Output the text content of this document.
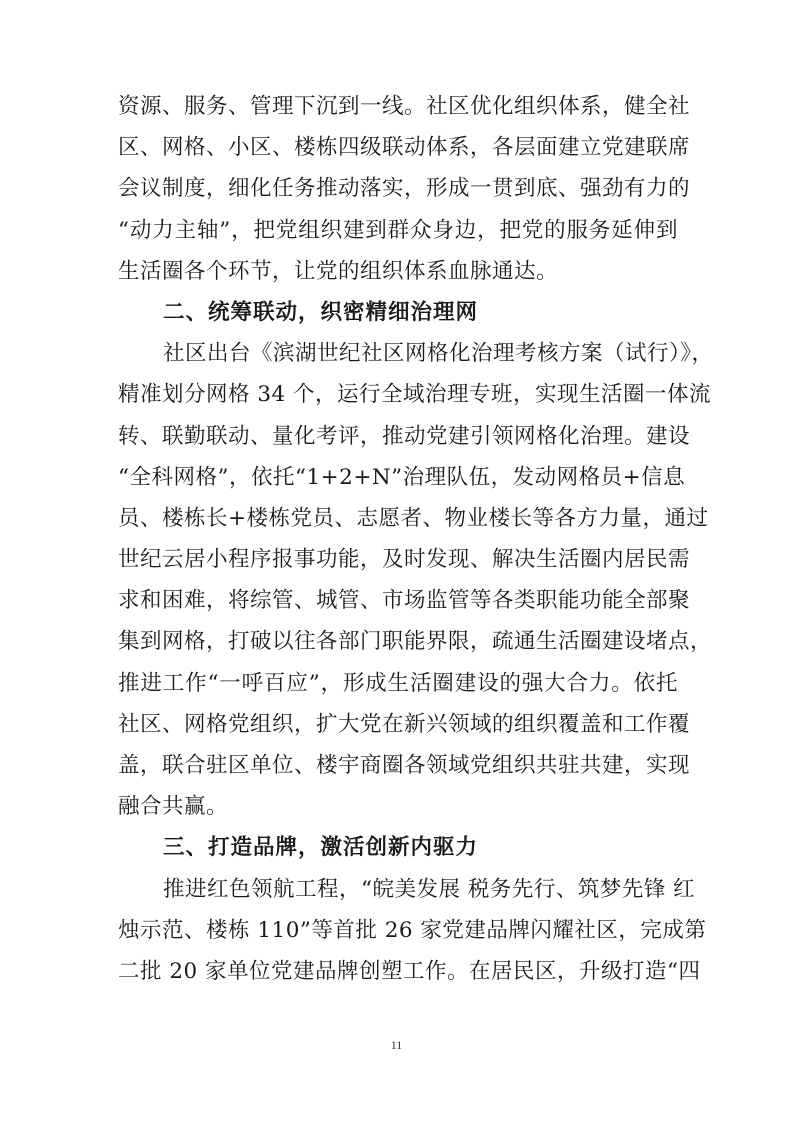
资源、服务、管理下沉到一线。社区优化组织体系，健全社
区、网格、小区、楼栋四级联动体系，各层面建立党建联席
会议制度，细化任务推动落实，形成一贯到底、强劲有力的
“动力主轴”，把党组织建到群众身边，把党的服务延伸到
生活圈各个环节，让党的组织体系血脉通达。
二、统筹联动，织密精细治理网
社区出台《滨湖世纪社区网格化治理考核方案（试行）》，
精准划分网格 34 个，运行全域治理专班，实现生活圈一体流
转、联勤联动、量化考评，推动党建引领网格化治理。建设
“全科网格”，依托“1+2+N”治理队伍，发动网格员+信息
员、楼栋长+楼栋党员、志愿者、物业楼长等各方力量，通过
世纪云居小程序报事功能，及时发现、解决生活圈内居民需
求和困难，将综管、城管、市场监管等各类职能功能全部聚
集到网格，打破以往各部门职能界限，疏通生活圈建设堵点，
推进工作“一呼百应”，形成生活圈建设的强大合力。依托
社区、网格党组织，扩大党在新兴领域的组织覆盖和工作覆
盖，联合驻区单位、楼宇商圈各领域党组织共驻共建，实现
融合共赢。
三、打造品牌，激活创新内驱力
推进红色领航工程，“皖美发展 税务先行、筑梦先锋 红
烛示范、楼栋 110”等首批 26 家党建品牌闪耀社区，完成第
二批 20 家单位党建品牌创塑工作。在居民区，升级打造“四
11
